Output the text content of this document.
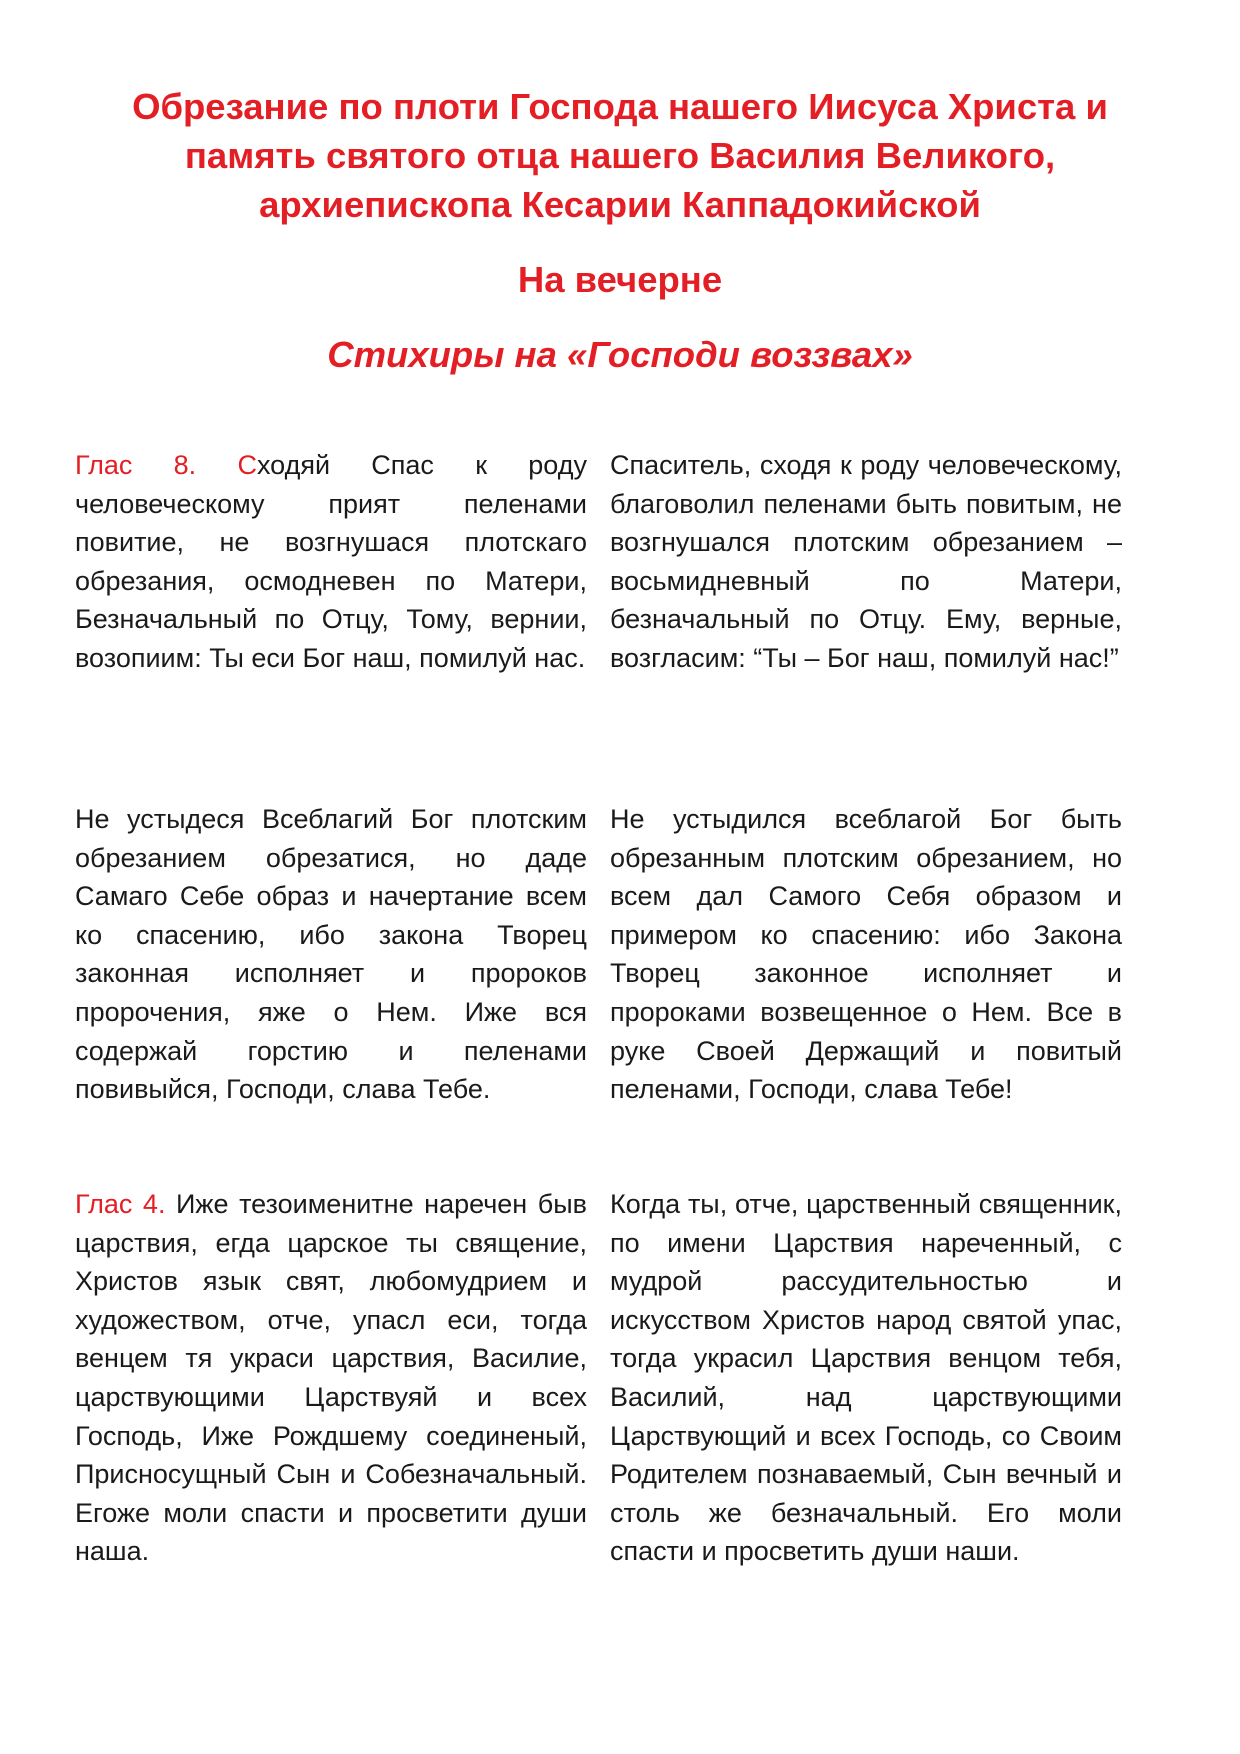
Обрезание по плоти Господа нашего Иисуса Христа и
память святого отца нашего Василия Великого,
архиепископа Кесарии Каппадокийской
На вечерне
Стихиры на «Господи воззвах»

Глас 8. Сходяй Спас к роду человеческому прият пеленами повитие, не возгнушася плотскаго обрезания, осмодневен по Матери, Безначальный по Отцу, Тому, вернии, возопиим: Ты еси Бог наш, помилуй нас.

Спаситель, сходя к роду человеческому, благоволил пеленами быть повитым, не возгнушался плотским обрезанием – восьмидневный по Матери, безначальный по Отцу. Ему, верные, возгласим: “Ты – Бог наш, помилуй нас!”

Не устыдеся Всеблагий Бог плотским обрезанием обрезатися, но даде Самаго Себе образ и начертание всем ко спасению, ибо закона Творец законная исполняет и пророков пророчения, яже о Нем. Иже вся содержай горстию и пеленами повивыйся, Господи, слава Тебе.

Не устыдился всеблагой Бог быть обрезанным плотским обрезанием, но всем дал Самого Себя образом и примером ко спасению: ибо Закона Творец законное исполняет и пророками возвещенное о Нем. Все в руке Своей Держащий и повитый пеленами, Господи, слава Тебе!

Глас 4. Иже тезоименитне наречен быв царствия, егда царское ты священие, Христов язык свят, любомудрием и художеством, отче, упасл еси, тогда венцем тя украси царствия, Василие, царствующими Царствуяй и всех Господь, Иже Рождшему соединеный, Присносущный Сын и Собезначальный. Егоже моли спасти и просветити души наша.

Когда ты, отче, царственный священник, по имени Царствия нареченный, с мудрой рассудительностью и искусством Христов народ святой упас, тогда украсил Царствия венцом тебя, Василий, над царствующими Царствующий и всех Господь, со Своим Родителем познаваемый, Сын вечный и столь же безначальный. Его моли спасти и просветить души наши.
